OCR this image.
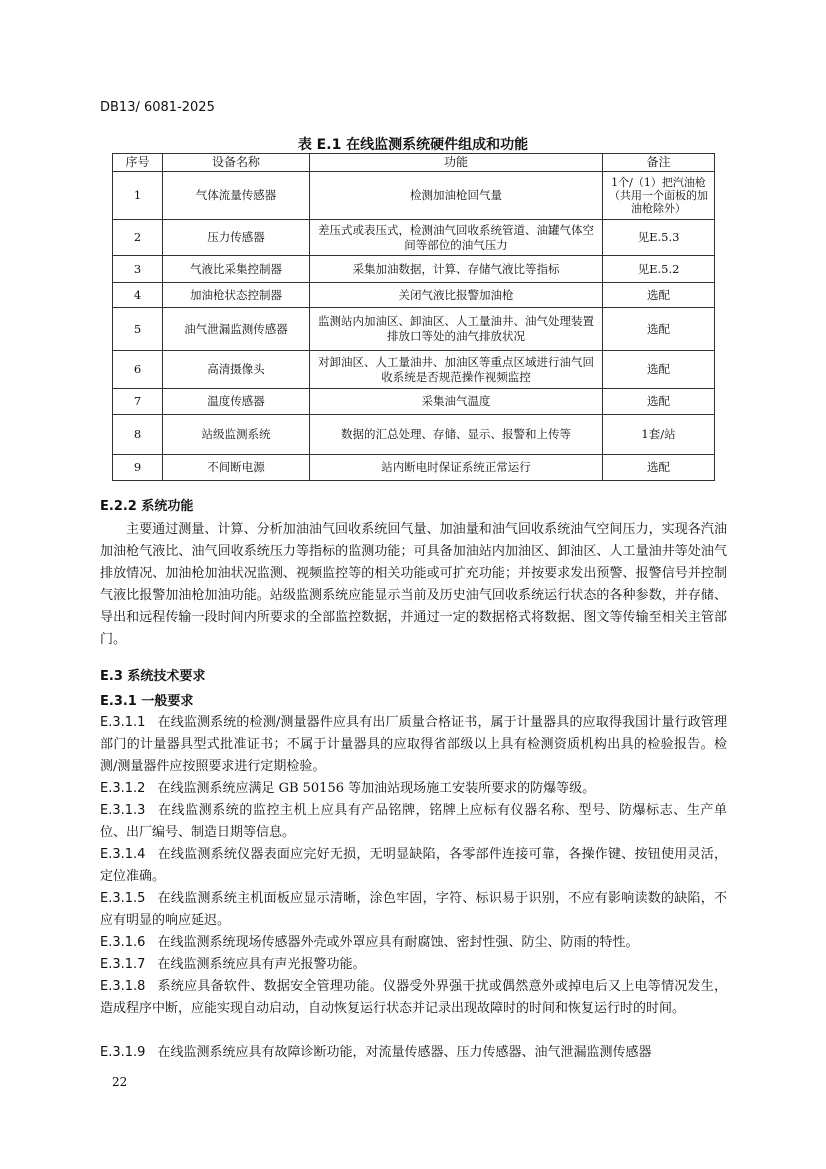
DB13/ 6081-2025
表 E.1 在线监测系统硬件组成和功能
序号	设备名称	功能	备注
1	气体流量传感器	检测加油枪回气量	1个/（1）把汽油枪（共用一个面板的加油枪除外）
2	压力传感器	差压式或表压式，检测油气回收系统管道、油罐气体空间等部位的油气压力	见E.5.3
3	气液比采集控制器	采集加油数据，计算、存储气液比等指标	见E.5.2
4	加油枪状态控制器	关闭气液比报警加油枪	选配
5	油气泄漏监测传感器	监测站内加油区、卸油区、人工量油井、油气处理装置排放口等处的油气排放状况	选配
6	高清摄像头	对卸油区、人工量油井、加油区等重点区域进行油气回收系统是否规范操作视频监控	选配
7	温度传感器	采集油气温度	选配
8	站级监测系统	数据的汇总处理、存储、显示、报警和上传等	1套/站
9	不间断电源	站内断电时保证系统正常运行	选配
E.2.2 系统功能
主要通过测量、计算、分析加油油气回收系统回气量、加油量和油气回收系统油气空间压力，实现各汽油加油枪气液比、油气回收系统压力等指标的监测功能；可具备加油站内加油区、卸油区、人工量油井等处油气排放情况、加油枪加油状况监测、视频监控等的相关功能或可扩充功能；并按要求发出预警、报警信号并控制气液比报警加油枪加油功能。站级监测系统应能显示当前及历史油气回收系统运行状态的各种参数，并存储、导出和远程传输一段时间内所要求的全部监控数据，并通过一定的数据格式将数据、图文等传输至相关主管部门。
E.3 系统技术要求
E.3.1 一般要求
E.3.1.1 在线监测系统的检测/测量器件应具有出厂质量合格证书，属于计量器具的应取得我国计量行政管理部门的计量器具型式批准证书；不属于计量器具的应取得省部级以上具有检测资质机构出具的检验报告。检测/测量器件应按照要求进行定期检验。
E.3.1.2 在线监测系统应满足 GB 50156 等加油站现场施工安装所要求的防爆等级。
E.3.1.3 在线监测系统的监控主机上应具有产品铭牌，铭牌上应标有仪器名称、型号、防爆标志、生产单位、出厂编号、制造日期等信息。
E.3.1.4 在线监测系统仪器表面应完好无损，无明显缺陷，各零部件连接可靠，各操作键、按钮使用灵活，定位准确。
E.3.1.5 在线监测系统主机面板应显示清晰，涂色牢固，字符、标识易于识别，不应有影响读数的缺陷，不应有明显的响应延迟。
E.3.1.6 在线监测系统现场传感器外壳或外罩应具有耐腐蚀、密封性强、防尘、防雨的特性。
E.3.1.7 在线监测系统应具有声光报警功能。
E.3.1.8 系统应具备软件、数据安全管理功能。仪器受外界强干扰或偶然意外或掉电后又上电等情况发生，造成程序中断，应能实现自动启动，自动恢复运行状态并记录出现故障时的时间和恢复运行时的时间。
E.3.1.9 在线监测系统应具有故障诊断功能，对流量传感器、压力传感器、油气泄漏监测传感器
22
